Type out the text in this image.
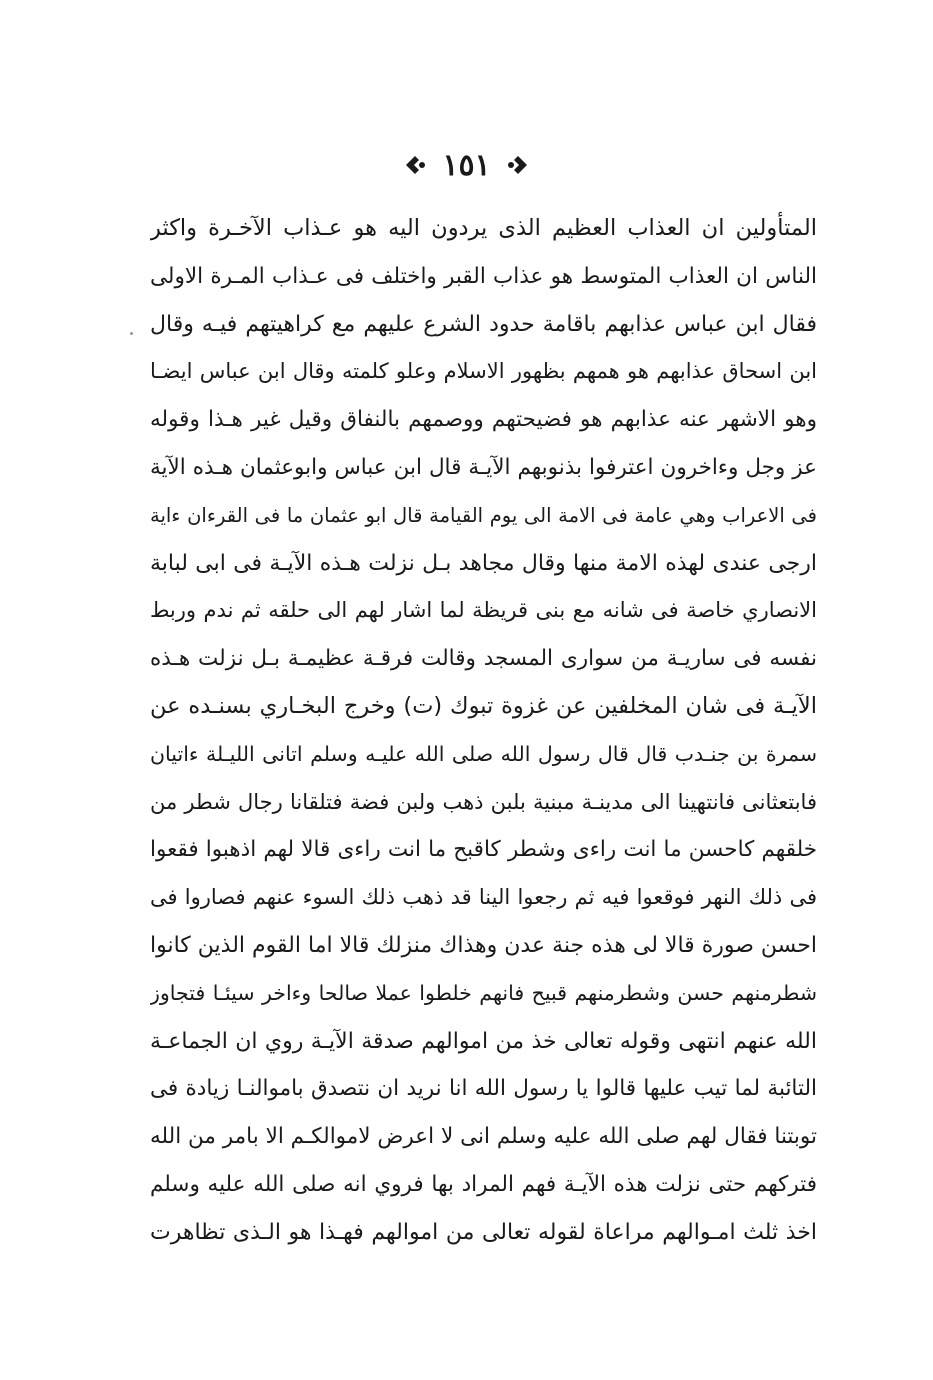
١٥١
المتأولين ان العذاب العظيم الذى يردون اليه هو عـذاب الآخـرة واكثر
الناس ان العذاب المتوسط هو عذاب القبر واختلف فى عـذاب المـرة الاولى
فقال ابن عباس عذابهم باقامة حدود الشرع عليهم مع كراهيتهم فيـه وقال
ابن اسحاق عذابهم هو همهم بظهور الاسلام وعلو كلمته وقال ابن عباس ايضـا
وهو الاشهر عنه عذابهم هو فضيحتهم ووصمهم بالنفاق وقيل غير هـذا وقوله
عز وجل وءاخرون اعترفوا بذنوبهم الآيـة قال ابن عباس وابوعثمان هـذه الآية
فى الاعراب وهي عامة فى الامة الى يوم القيامة قال ابو عثمان ما فى القرءان ءاية
ارجى عندى لهذه الامة منها وقال مجاهد بـل نزلت هـذه الآيـة فى ابى لبابة
الانصاري خاصة فى شانه مع بنى قريظة لما اشار لهم الى حلقه ثم ندم وربط
نفسه فى ساريـة من سوارى المسجد وقالت فرقـة عظيمـة بـل نزلت هـذه
الآيـة فى شان المخلفين عن غزوة تبوك (ت) وخرج البخـاري بسنـده عن
سمرة بن جنـدب قال قال رسول الله صلى الله عليـه وسلم اتانى الليـلة ءاتيان
فابتعثانى فانتهينا الى مدينـة مبنية بلبن ذهب ولبن فضة فتلقانا رجال شطر من
خلقهم كاحسن ما انت راءى وشطر كاقبح ما انت راءى قالا لهم اذهبوا فقعوا
فى ذلك النهر فوقعوا فيه ثم رجعوا الينا قد ذهب ذلك السوء عنهم فصاروا فى
احسن صورة قالا لى هذه جنة عدن وهذاك منزلك قالا اما القوم الذين كانوا
شطرمنهم حسن وشطرمنهم قبيح فانهم خلطوا عملا صالحا وءاخر سيئـا فتجاوز
الله عنهم انتهى وقوله تعالى خذ من اموالهم صدقة الآيـة روي ان الجماعـة
التائبة لما تيب عليها قالوا يا رسول الله انا نريد ان نتصدق باموالنـا زيادة فى
توبتنا فقال لهم صلى الله عليه وسلم انى لا اعرض لاموالكـم الا بامر من الله
فتركهم حتى نزلت هذه الآيـة فهم المراد بها فروي انه صلى الله عليه وسلم
اخذ ثلث امـوالهم مراعاة لقوله تعالى من اموالهم فهـذا هو الـذى تظاهرت
